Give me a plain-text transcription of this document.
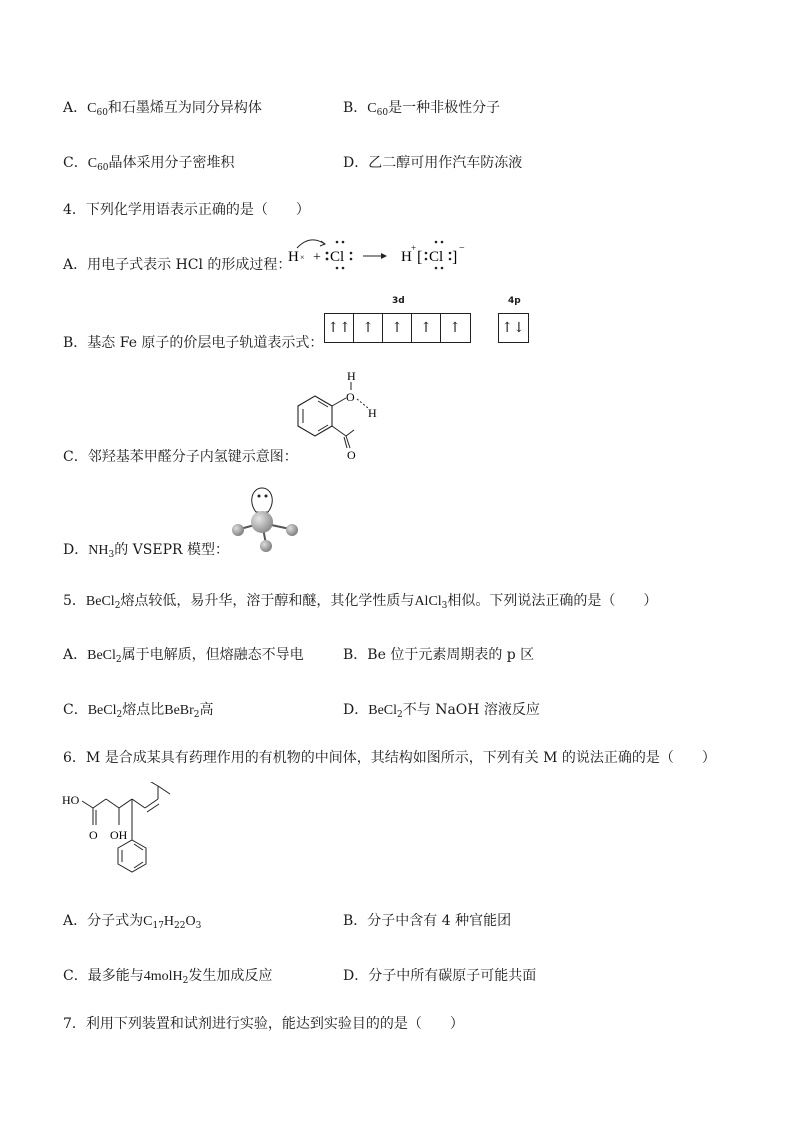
A．$C_{60}$和石墨烯互为同分异构体	B．$C_{60}$是一种非极性分子
C．$C_{60}$晶体采用分子密堆积	D．乙二醇可用作汽车防冻液
4．下列化学用语表示正确的是（　　）
A．用电子式表示 HCl 的形成过程：
H × + Cl	H
+
[ Cl ]
−
B．基态 Fe 原子的价层电子轨道表示式：
3d	4p
↑↑ ↑	↑	↑	↑	↑↓
C．邻羟基苯甲醛分子内氢键示意图：
O
H
H
O
D．$NH_3$的 VSEPR 模型：
5．BeCl$_2$熔点较低，易升华，溶于醇和醚，其化学性质与AlCl$_3$相似。下列说法正确的是（　　）
A．BeCl$_2$属于电解质，但熔融态不导电	B．Be 位于元素周期表的 p 区
C．BeCl$_2$熔点比BeBr$_2$高	D．BeCl$_2$不与 NaOH 溶液反应
6．M 是合成某具有药理作用的有机物的中间体，其结构如图所示，下列有关 M 的说法正确的是（　　）
HO
O OH
A．分子式为$C_{17}H_{22}O_3$	B．分子中含有 4 种官能团
C．最多能与4molH$_2$发生加成反应	D．分子中所有碳原子可能共面
7．利用下列装置和试剂进行实验，能达到实验目的的是（　　）
